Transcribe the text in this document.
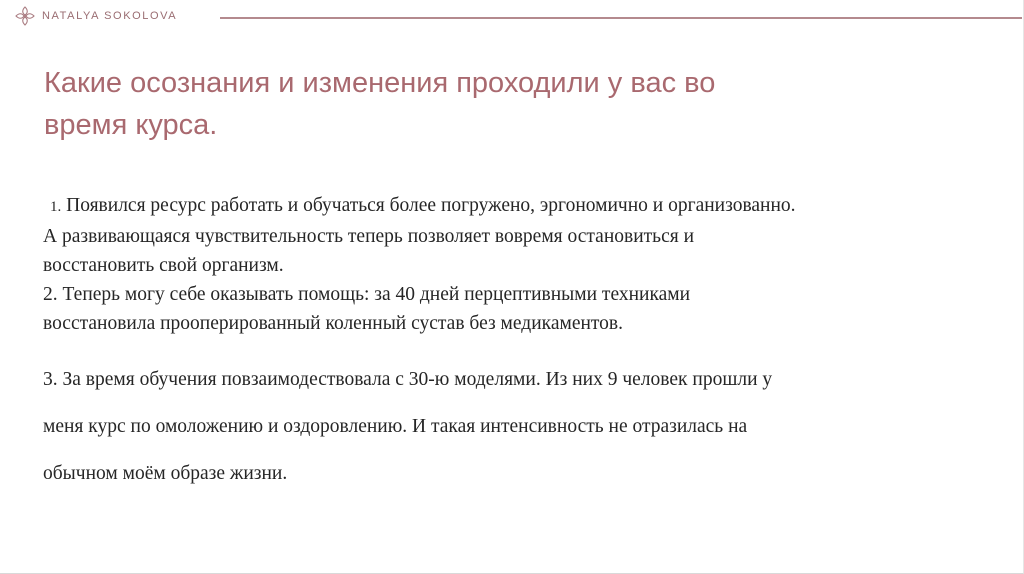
NATALYA SOKOLOVA
Какие осознания и изменения проходили у вас во
время курса.
1. Появился ресурс работать и обучаться более погружено, эргономично и организованно.
А развивающаяся чувствительность теперь позволяет вовремя остановиться и
восстановить свой организм.
2. Теперь могу себе оказывать помощь: за 40 дней перцептивными техниками
восстановила прооперированный коленный сустав без медикаментов.
3. За время обучения повзаимодествовала с 30-ю моделями. Из них 9 человек прошли у
меня курс по омоложению и оздоровлению. И такая интенсивность не отразилась на
обычном моём образе жизни.
